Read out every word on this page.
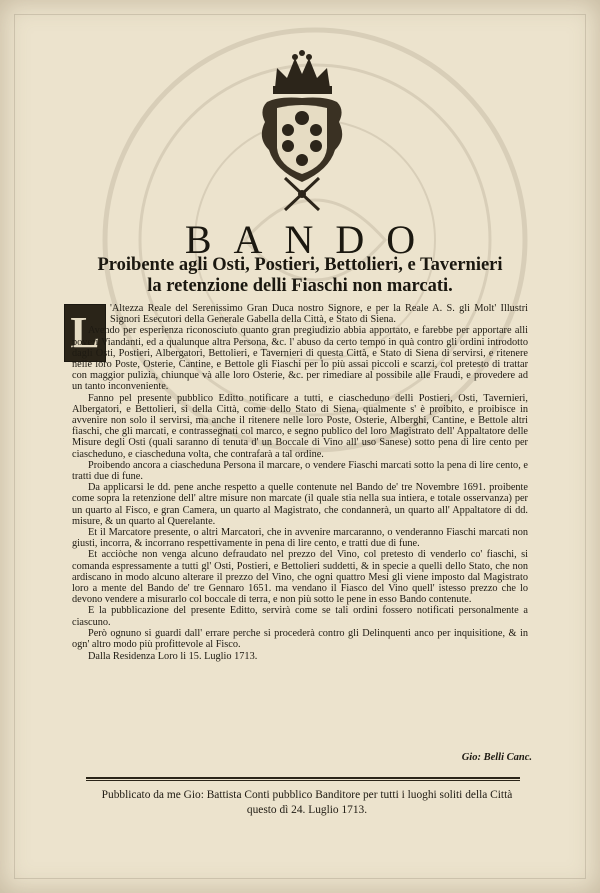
BANDO
Proibente agli Osti, Postieri, Bettolieri, e Tavernieri
la retenzione delli Fiaschi non marcati.
L	'Altezza Reale del Serenissimo Gran Duca nostro Signore, e per la Reale A. S. gli Molt' Illustri Signori Esecutori della Generale Gabella della Città, e Stato di Siena.

Avendo per esperienza riconosciuto quanto gran pregiudizio abbia apportato, e farebbe per apportare alli poveri Viandanti, ed a qualunque altra Persona, &c. l' abuso da certo tempo in quà contro gli ordini introdotto dagli Osti, Postieri, Albergatori, Bettolieri, e Tavernieri di questa Città, e Stato di Siena di servirsi, e ritenere nelle loro Poste, Osterie, Cantine, e Bettole gli Fiaschi per lo più assai piccoli e scarzi, col pretesto di trattar con maggior pulizia, chiunque và alle loro Osterie, &c. per rimediare al possibile alle Fraudi, e provedere ad un tanto inconveniente.

Fanno pel presente pubblico Editto notificare a tutti, e ciascheduno delli Postieri, Osti, Tavernieri, Albergatori, e Bettolieri, si della Città, come dello Stato di Siena, qualmente s' è proibito, e proibisce in avvenire non solo il servirsi, ma anche il ritenere nelle loro Poste, Osterie, Alberghi, Cantine, e Bettole altri fiaschi, che gli marcati, e contrassegnati col marco, e segno publico del loro Magistrato dell' Appaltatore delle Misure degli Osti (quali saranno di tenuta d' un Boccale di Vino all' uso Sanese) sotto pena di lire cento per ciascheduno, e ciascheduna volta, che contrafarà a tal ordine.

Proibendo ancora a ciascheduna Persona il marcare, o vendere Fiaschi marcati sotto la pena di lire cento, e tratti due di fune.

Da applicarsi le dd. pene anche respetto a quelle contenute nel Bando de' tre Novembre 1691. proibente come sopra la retenzione dell' altre misure non marcate (il quale stia nella sua intiera, e totale osservanza) per un quarto al Fisco, e gran Camera, un quarto al Magistrato, che condannerà, un quarto all' Appaltatore di dd. misure, & un quarto al Querelante.

Et il Marcatore presente, o altri Marcatori, che in avvenire marcaranno, o venderanno Fiaschi marcati non giusti, incorra, & incorrano respettivamente in pena di lire cento, e tratti due di fune.

Et acciòche non venga alcuno defraudato nel prezzo del Vino, col pretesto di venderlo co' fiaschi, si comanda espressamente a tutti gl' Osti, Postieri, e Bettolieri suddetti, & in specie a quelli dello Stato, che non ardiscano in modo alcuno alterare il prezzo del Vino, che ogni quattro Mesi gli viene imposto dal Magistrato loro a mente del Bando de' tre Gennaro 1651. ma vendano il Fiasco del Vino quell' istesso prezzo che lo devono vendere a misurarlo col boccale di terra, e non più sotto le pene in esso Bando contenute.

E la pubblicazione del presente Editto, servirà come se tali ordini fossero notificati personalmente a ciascuno.

Però ognuno si guardi dall' errare perche si procederà contro gli Delinquenti anco per inquisitione, & in ogn' altro modo più profittevole al Fisco.

Dalla Residenza Loro li 15. Luglio 1713.

Gio: Belli Canc.
Pubblicato da me Gio: Battista Conti pubblico Banditore per tutti i luoghi soliti della Città
questo dì 24. Luglio 1713.
